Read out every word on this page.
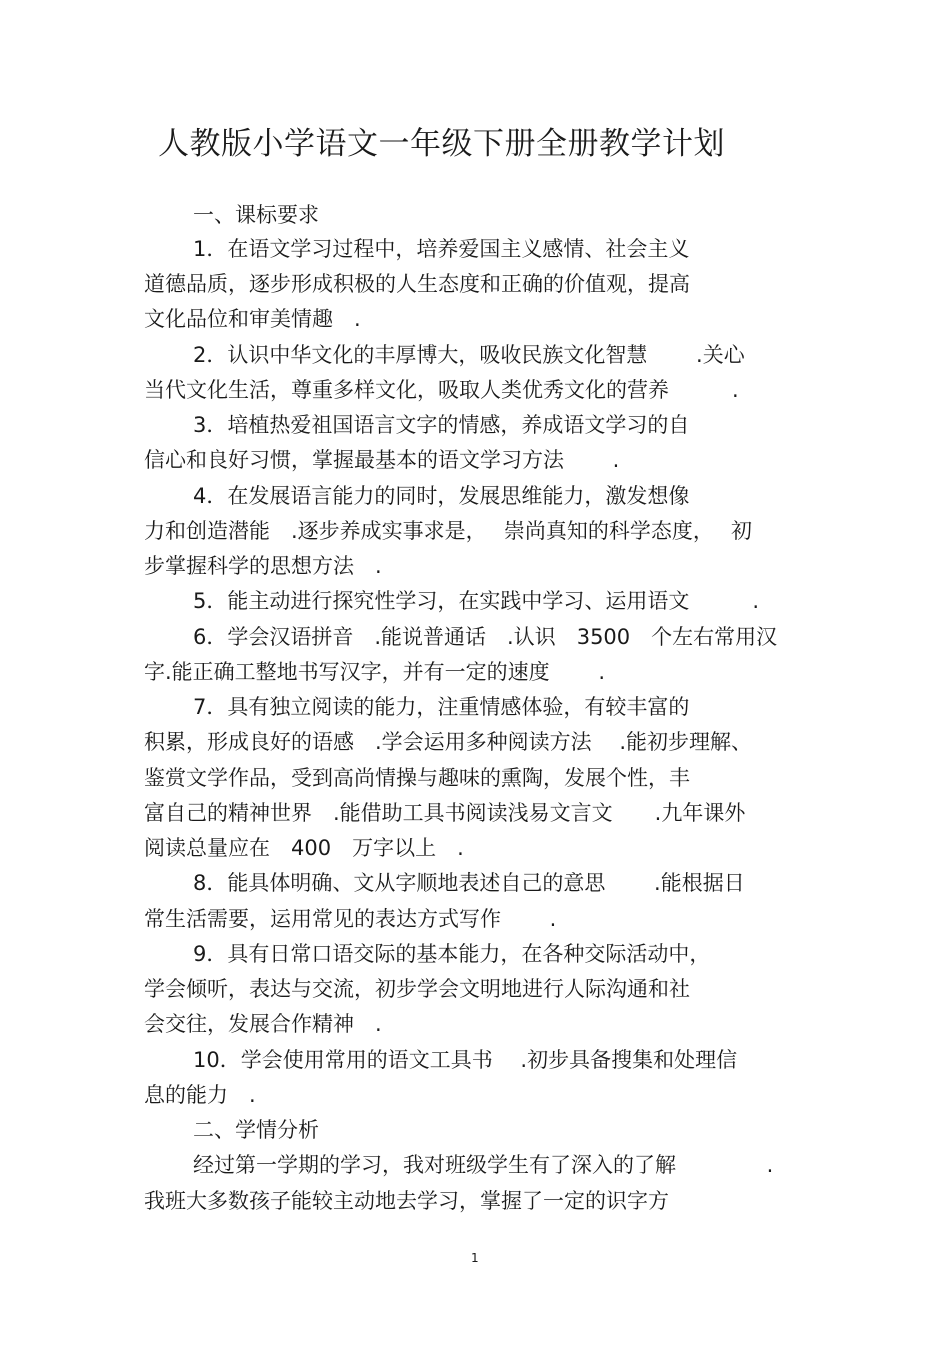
人教版小学语文一年级下册全册教学计划
一、课标要求
1．在语文学习过程中，培养爱国主义感情、社会主义
道德品质，逐步形成积极的人生态度和正确的价值观，提高
文化品位和审美情趣　.
2．认识中华文化的丰厚博大，吸收民族文化智慧　　 .关心
当代文化生活，尊重多样文化，吸取人类优秀文化的营养　　　.
3．培植热爱祖国语言文字的情感，养成语文学习的自
信心和良好习惯，掌握最基本的语文学习方法　　 .
4．在发展语言能力的同时，发展思维能力，激发想像
力和创造潜能　.逐步养成实事求是，　 崇尚真知的科学态度，　 初
步掌握科学的思想方法　.
5．能主动进行探究性学习，在实践中学习、运用语文　　　.
6．学会汉语拼音　.能说普通话　.认识　3500　个左右常用汉
字.能正确工整地书写汉字，并有一定的速度　　 .
7．具有独立阅读的能力，注重情感体验，有较丰富的
积累，形成良好的语感　.学会运用多种阅读方法　 .能初步理解、
鉴赏文学作品，受到高尚情操与趣味的熏陶，发展个性，丰
富自己的精神世界　.能借助工具书阅读浅易文言文　　.九年课外
阅读总量应在　400　万字以上　.
8．能具体明确、文从字顺地表述自己的意思　　 .能根据日
常生活需要，运用常见的表达方式写作　　 .
9．具有日常口语交际的基本能力，在各种交际活动中，
学会倾听，表达与交流，初步学会文明地进行人际沟通和社
会交往，发展合作精神　.
10．学会使用常用的语文工具书　 .初步具备搜集和处理信
息的能力　.
二、学情分析
经过第一学期的学习，我对班级学生有了深入的了解　　　　 .
我班大多数孩子能较主动地去学习，掌握了一定的识字方
1
